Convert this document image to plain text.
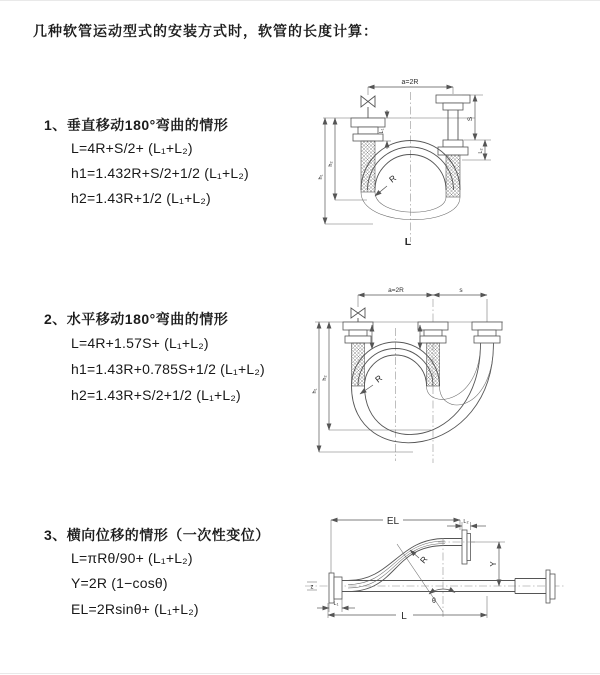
几种软管运动型式的安装方式时，软管的长度计算：
1、垂直移动180°弯曲的情形
L=4R+S/2+ (L₁+L₂)
h1=1.432R+S/2+1/2 (L₁+L₂)
h2=1.43R+1/2 (L₁+L₂)
2、水平移动180°弯曲的情形
L=4R+1.57S+ (L₁+L₂)
h1=1.43R+0.785S+1/2 (L₁+L₂)
h2=1.43R+S/2+1/2 (L₁+L₂)
3、横向位移的情形（一次性变位）
L=πRθ/90+ (L₁+L₂)
Y=2R (1−cosθ)
EL=2Rsinθ+ (L₁+L₂)
a=2R
L₁
S
L₂
h₁
h₂
R
L
a=2R	s
h₁
h₂	R
EL	L₂
Y
z
L₁	θ
R
L
